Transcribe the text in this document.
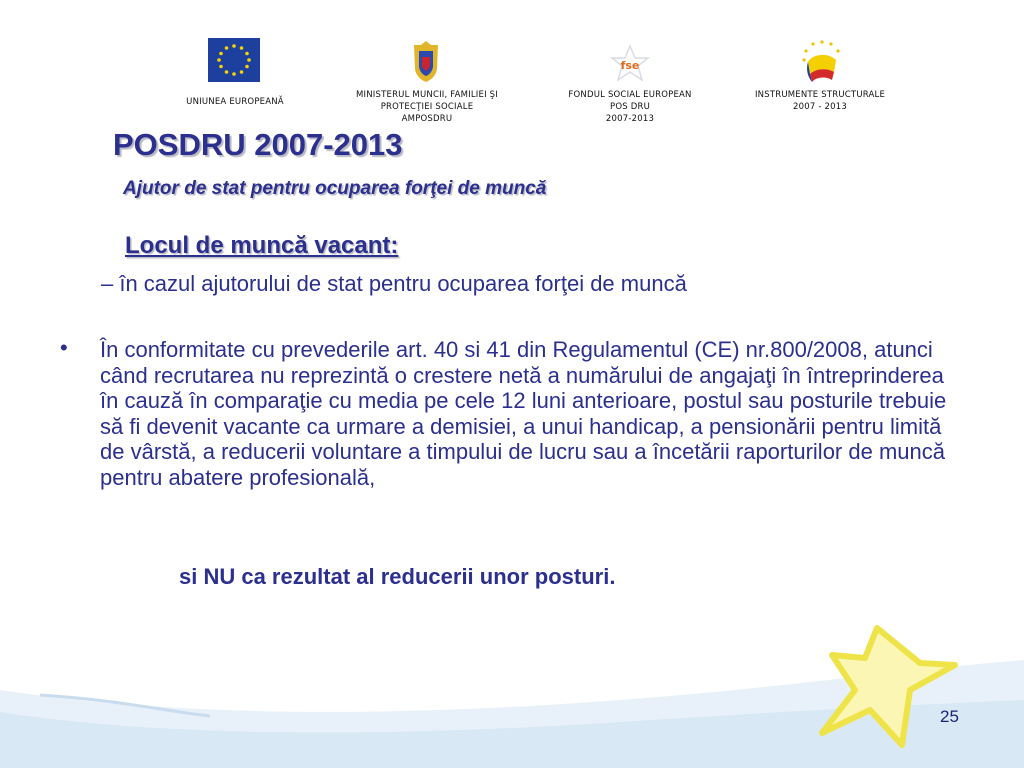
UNIUNEA EUROPEANĂ
MINISTERUL MUNCII, FAMILIEI ŞI
PROTECŢIEI SOCIALE
AMPOSDRU
fse
FONDUL SOCIAL EUROPEAN
POS DRU
2007-2013
INSTRUMENTE STRUCTURALE
2007 - 2013
POSDRU 2007-2013
Ajutor de stat pentru ocuparea forţei de muncă
Locul de muncă vacant:
– în cazul ajutorului de stat pentru ocuparea forţei de muncă
• În conformitate cu prevederile art. 40 si 41 din Regulamentul (CE) nr.800/2008, atunci când recrutarea nu reprezintă o crestere netă a numărului de angajaţi în întreprinderea în cauză în comparaţie cu media pe cele 12 luni anterioare, postul sau posturile trebuie să fi devenit vacante ca urmare a demisiei, a unui handicap, a pensionării pentru limită de vârstă, a reducerii voluntare a timpului de lucru sau a încetării raporturilor de muncă pentru abatere profesională,
si NU ca rezultat al reducerii unor posturi.
25
